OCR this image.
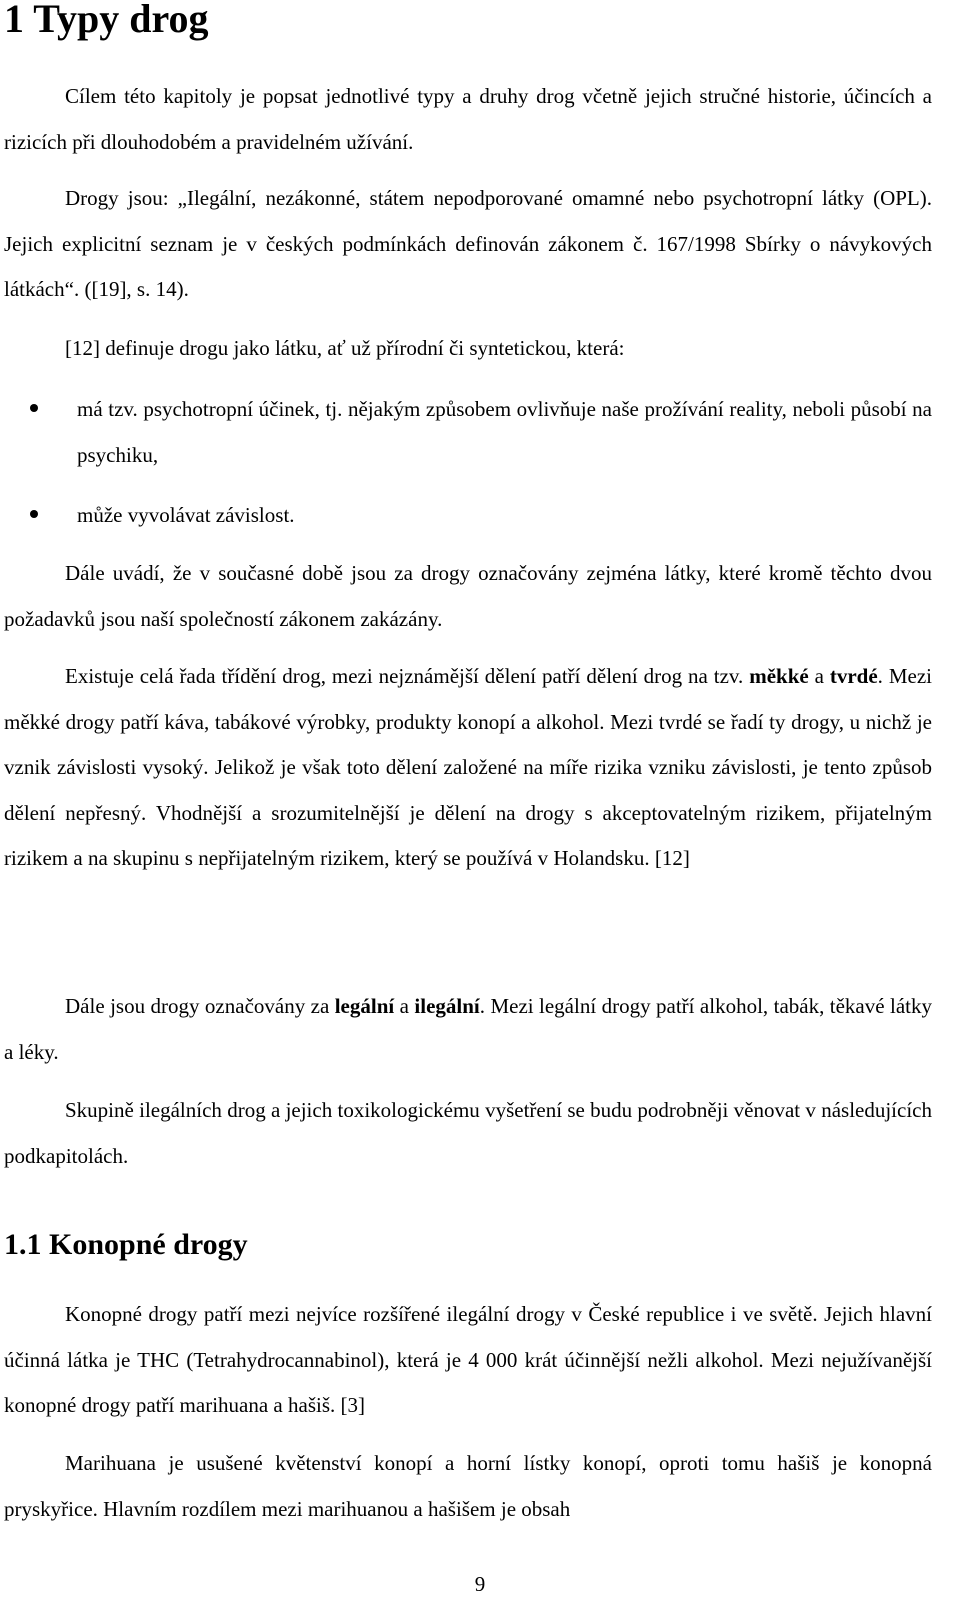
1 Typy drog

Cílem této kapitoly je popsat jednotlivé typy a druhy drog včetně jejich stručné historie, účincích a rizicích při dlouhodobém a pravidelném užívání.

Drogy jsou: „Ilegální, nezákonné, státem nepodporované omamné nebo psychotropní látky (OPL). Jejich explicitní seznam je v českých podmínkách definován zákonem č. 167/1998 Sbírky o návykových látkách“. ([19], s. 14).

[12] definuje drogu jako látku, ať už přírodní či syntetickou, která:

má tzv. psychotropní účinek, tj. nějakým způsobem ovlivňuje naše prožívání reality, neboli působí na psychiku,
může vyvolávat závislost.

Dále uvádí, že v současné době jsou za drogy označovány zejména látky, které kromě těchto dvou požadavků jsou naší společností zákonem zakázány.

Existuje celá řada třídění drog, mezi nejznámější dělení patří dělení drog na tzv. měkké a tvrdé. Mezi měkké drogy patří káva, tabákové výrobky, produkty konopí a alkohol. Mezi tvrdé se řadí ty drogy, u nichž je vznik závislosti vysoký. Jelikož je však toto dělení založené na míře rizika vzniku závislosti, je tento způsob dělení nepřesný. Vhodnější a srozumitelnější je dělení na drogy s akceptovatelným rizikem, přijatelným rizikem a na skupinu s nepřijatelným rizikem, který se používá v Holandsku. [12]

Dále jsou drogy označovány za legální a ilegální. Mezi legální drogy patří alkohol, tabák, těkavé látky a léky.

Skupině ilegálních drog a jejich toxikologickému vyšetření se budu podrobněji věnovat v následujících podkapitolách.

1.1 Konopné drogy

Konopné drogy patří mezi nejvíce rozšířené ilegální drogy v České republice i ve světě. Jejich hlavní účinná látka je THC (Tetrahydrocannabinol), která je 4 000 krát účinnější nežli alkohol. Mezi nejužívanější konopné drogy patří marihuana a hašiš. [3]

Marihuana je usušené květenství konopí a horní lístky konopí, oproti tomu hašiš je konopná pryskyřice. Hlavním rozdílem mezi marihuanou a hašišem je obsah

9
